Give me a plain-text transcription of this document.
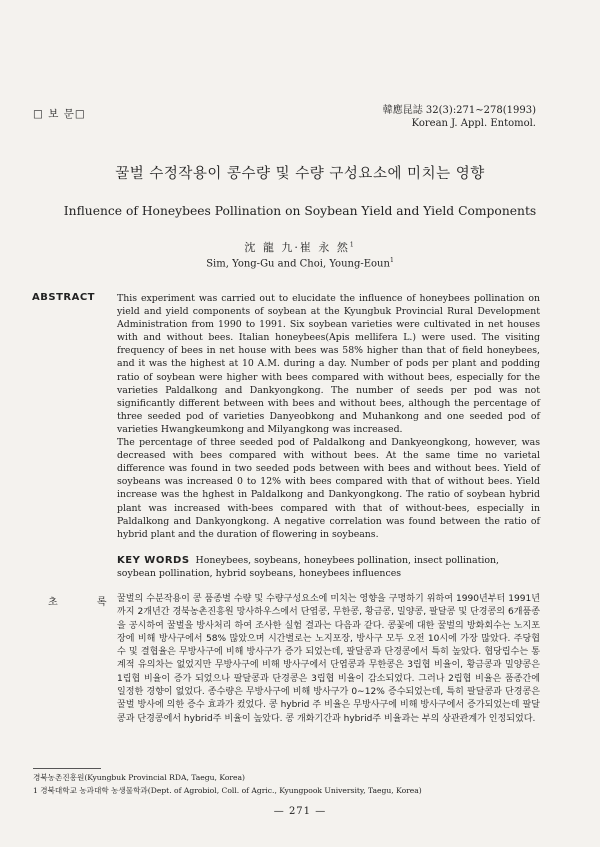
□ 보 문□	韓應昆誌 32(3):271∼278(1993)
Korean J. Appl. Entomol.
꿀벌 수정작용이 콩수량 및 수량 구성요소에 미치는 영향
Influence of Honeybees Pollination on Soybean Yield and Yield Components
沈 龍 九·崔 永 然$^1$
Sim, Yong-Gu and Choi, Young-Eoun$^1$
ABSTRACT This experiment was carried out to elucidate the influence of honeybees pollination on yield and yield components of soybean at the Kyungbuk Provincial Rural Development Administration from 1990 to 1991. Six soybean varieties were cultivated in net houses with and without bees. Italian honeybees(Apis mellifera L.) were used. The visiting frequency of bees in net house with bees was 58% higher than that of field honeybees, and it was the highest at 10 A.M. during a day. Number of pods per plant and podding ratio of soybean were higher with bees compared with without bees, especially for the varieties Paldalkong and Dankyongkong. The number of seeds per pod was not significantly different between with bees and without bees, although the percentage of three seeded pod of varieties Danyeobkong and Muhankong and one seeded pod of varieties Hwangkeumkong and Milyangkong was increased.

The percentage of three seeded pod of Paldalkong and Dankyeongkong, however, was decreased with bees compared with without bees. At the same time no varietal difference was found in two seeded pods between with bees and without bees. Yield of soybeans was increased 0 to 12% with bees compared with that of without bees. Yield increase was the hghest in Paldalkong and Dankyongkong. The ratio of soybean hybrid plant was increased with-bees compared with that of without-bees, especially in Paldalkong and Dankyongkong. A negative correlation was found between the ratio of hybrid plant and the duration of flowering in soybeans.

KEY WORDS Honeybees, soybeans, honeybees pollination, insect pollination, soybean pollination, hybrid soybeans, honeybees influences
초 록
꿀벌의 수분작용이 콩 품종별 수량 및 수량구성요소에 미치는 영향을 구명하기 위하여 1990년부터 1991년까지 2개년간 경북농촌진흥원 망사하우스에서 단엽콩, 무한콩, 황금콩, 밀양콩, 팔달콩 및 단경콩의 6개품종을 공시하여 꿀벌을 방사처리 하여 조사한 실험 결과는 다음과 같다. 콩꽃에 대한 꿀벌의 방화회수는 노지포장에 비해 방사구에서 58% 많았으며 시간별로는 노지포장, 방사구 모두 오전 10시에 가장 많았다. 주당협수 및 결협율은 무방사구에 비해 방사구가 증가 되었는데, 팔달콩과 단경콩에서 특히 높았다. 협당립수는 통계적 유의차는 없었지만 무방사구에 비해 방사구에서 단엽콩과 무한콩은 3립협 비율이, 황금콩과 밀양콩은 1립협 비율이 증가 되었으나 팔달콩과 단경콩은 3립협 비율이 감소되었다. 그러나 2립협 비율은 품종간에 일정한 경향이 없었다. 종수량은 무방사구에 비해 방사구가 0∼12% 증수되었는데, 특히 팔달콩과 단경콩은 꿀벌 방사에 의한 증수 효과가 컸었다. 콩 hybrid 주 비율은 무방사구에 비해 방사구에서 증가되었는데 팔달콩과 단경콩에서 hybrid주 비율이 높았다. 콩 개화기간과 hybrid주 비율과는 부의 상관관계가 인정되었다.
경북농촌진흥원(Kyungbuk Provincial RDA, Taegu, Korea)
1 경북대학교 농과대학 농생물학과(Dept. of Agrobiol, Coll. of Agric., Kyungpook University, Taegu, Korea)
— 271 —
